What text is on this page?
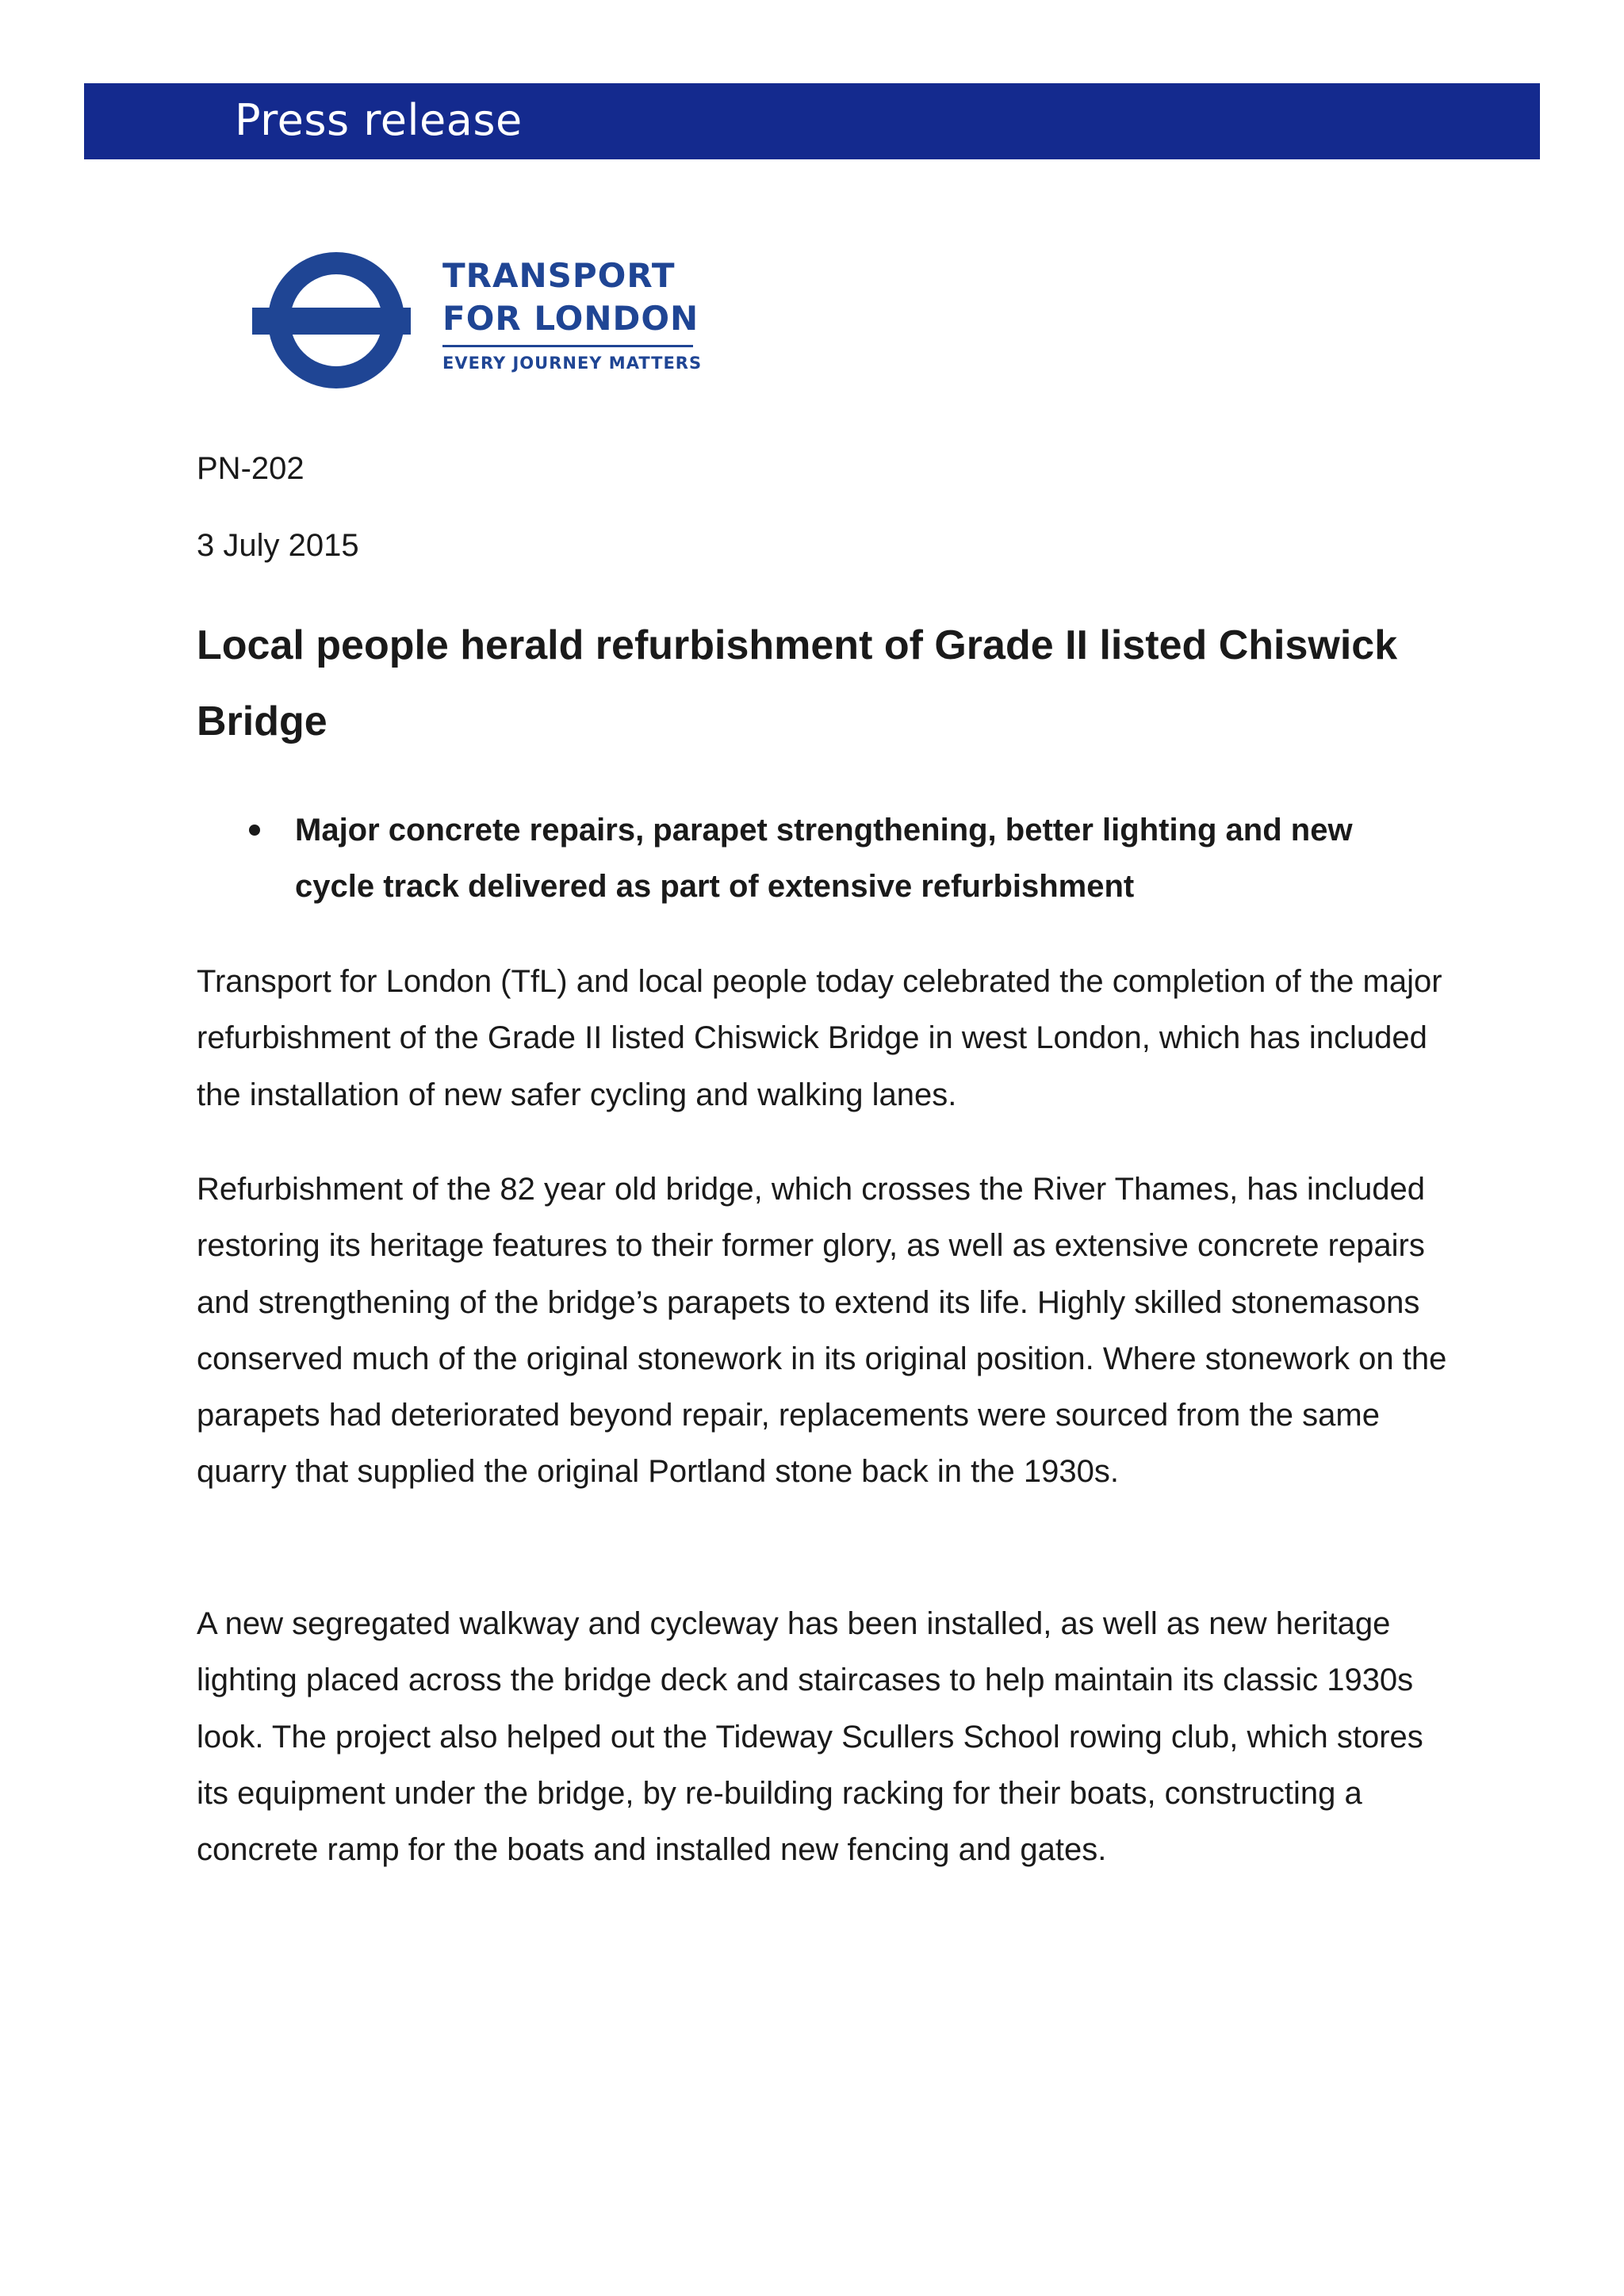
Press release
TRANSPORT
FOR LONDON
EVERY JOURNEY MATTERS
PN-202
3 July 2015
Local people herald refurbishment of Grade II listed Chiswick Bridge
Major concrete repairs, parapet strengthening, better lighting and new cycle track delivered as part of extensive refurbishment

Transport for London (TfL) and local people today celebrated the completion of the major refurbishment of the Grade II listed Chiswick Bridge in west London, which has included the installation of new safer cycling and walking lanes.

Refurbishment of the 82 year old bridge, which crosses the River Thames, has included restoring its heritage features to their former glory, as well as extensive concrete repairs and strengthening of the bridge’s parapets to extend its life. Highly skilled stonemasons conserved much of the original stonework in its original position. Where stonework on the parapets had deteriorated beyond repair, replacements were sourced from the same quarry that supplied the original Portland stone back in the 1930s.

A new segregated walkway and cycleway has been installed, as well as new heritage lighting placed across the bridge deck and staircases to help maintain its classic 1930s look. The project also helped out the Tideway Scullers School rowing club, which stores its equipment under the bridge, by re-building racking for their boats, constructing a concrete ramp for the boats and installed new fencing and gates.
